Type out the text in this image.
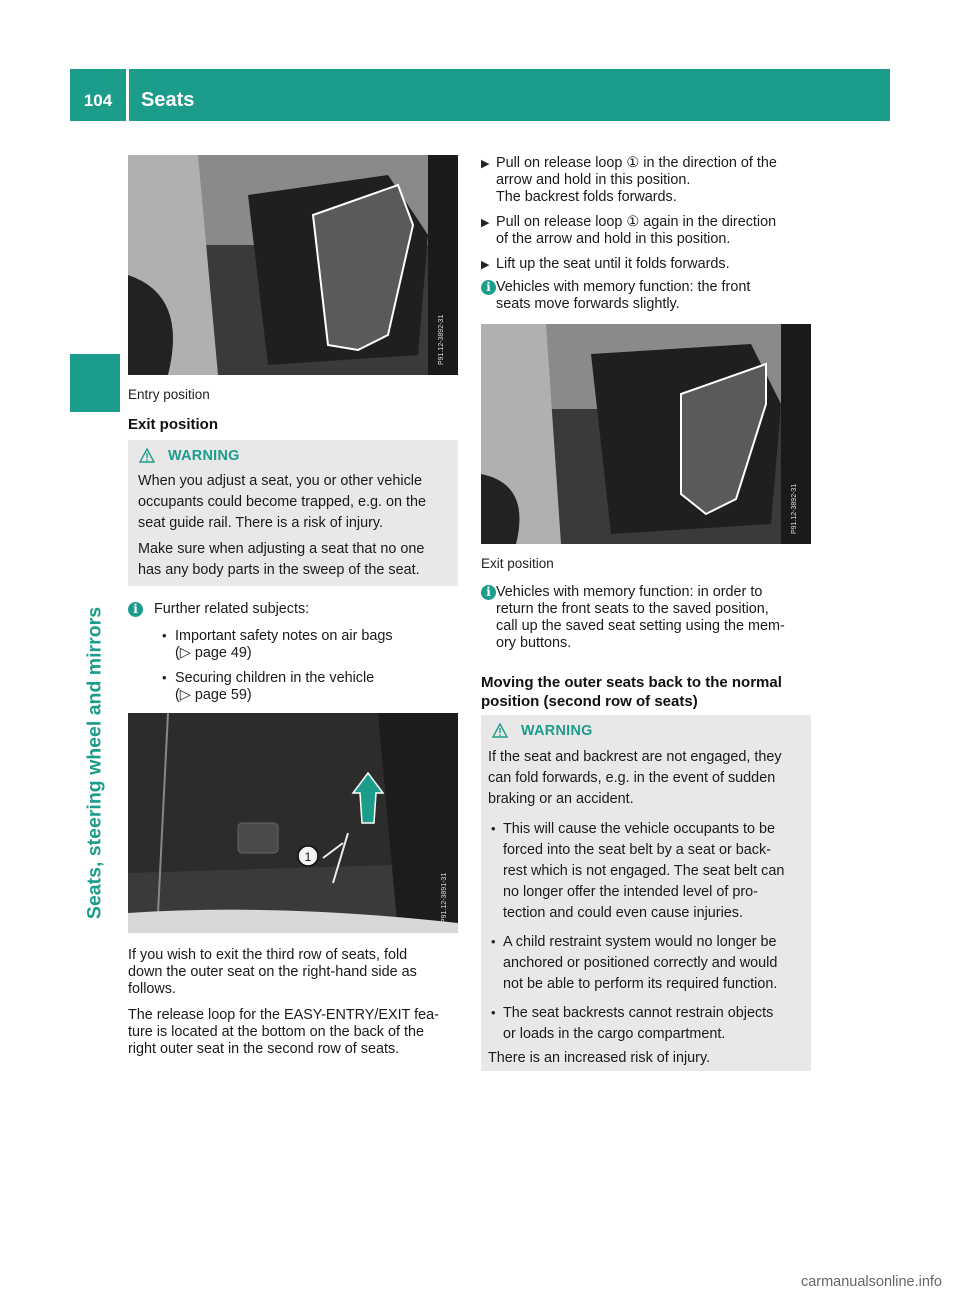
104	Seats
Seats, steering wheel and mirrors
P91.12-3892-31
Entry position
Exit position
WARNING
When you adjust a seat, you or other vehicle
occupants could become trapped, e.g. on the
seat guide rail. There is a risk of injury.
Make sure when adjusting a seat that no one
has any body parts in the sweep of the seat.
i	Further related subjects:
• Important safety notes on air bags
(▷ page 49)
• Securing children in the vehicle
(▷ page 59)
1
P91.12-3891-31
If you wish to exit the third row of seats, fold
down the outer seat on the right-hand side as
follows.
The release loop for the EASY-ENTRY/EXIT fea-
ture is located at the bottom on the back of the
right outer seat in the second row of seats.
▶ Pull on release loop ① in the direction of the
arrow and hold in this position.
The backrest folds forwards.
▶ Pull on release loop ① again in the direction
of the arrow and hold in this position.
▶ Lift up the seat until it folds forwards.
i Vehicles with memory function: the front
seats move forwards slightly.
P91.12-3892-31
Exit position
i Vehicles with memory function: in order to
return the front seats to the saved position,
call up the saved seat setting using the mem-
ory buttons.
Moving the outer seats back to the normal
position (second row of seats)
WARNING
If the seat and backrest are not engaged, they
can fold forwards, e.g. in the event of sudden
braking or an accident.
• This will cause the vehicle occupants to be
forced into the seat belt by a seat or back-
rest which is not engaged. The seat belt can
no longer offer the intended level of pro-
tection and could even cause injuries.
• A child restraint system would no longer be
anchored or positioned correctly and would
not be able to perform its required function.
• The seat backrests cannot restrain objects
or loads in the cargo compartment.
There is an increased risk of injury.
carmanualsonline.info
